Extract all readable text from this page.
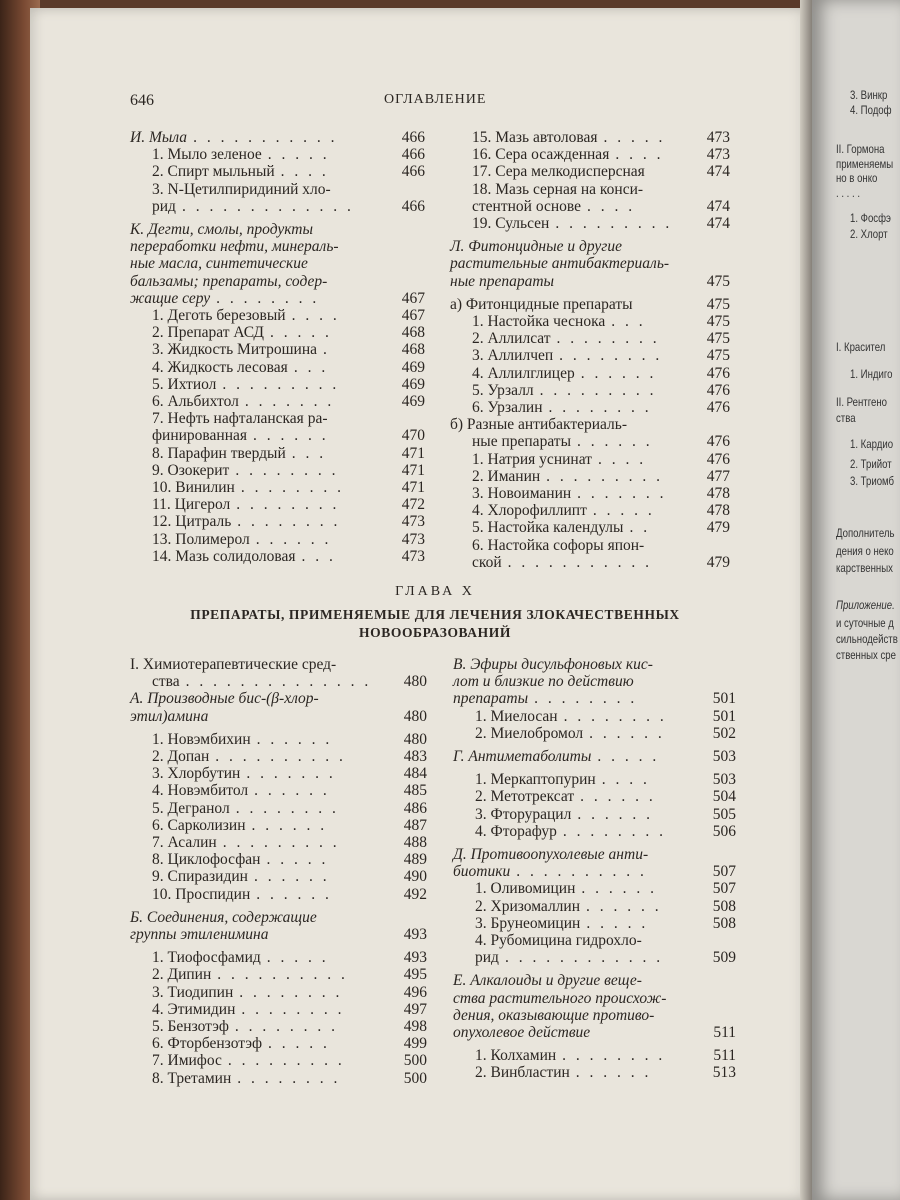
3. Винкр
4. Подоф
II. Гормона
применяемы
но в онко
. . . . .
1. Фосфэ
2. Хлорт
I. Красител
1. Индиго
II. Рентгено
ства
1. Кардио
2. Трийот
3. Триомб
Дополнитель
дения о неко
карственных
Приложение.
и суточные д
сильнодейств
ственных сре
646	ОГЛАВЛЕНИЕ
И. Мыла . . . . . . . . . . .	466
1. Мыло зеленое . . . . .	466
2. Спирт мыльный . . . .	466
3. N-Цетилпиридиний хло-
рид . . . . . . . . . . . . .	466
К. Дегти, смолы, продукты
переработки нефти, минераль-
ные масла, синтетические
бальзамы; препараты, содер-
жащие серу . . . . . . . .	467
1. Деготь березовый . . . .	467
2. Препарат АСД . . . . .	468
3. Жидкость Митрошина .	468
4. Жидкость лесовая . . .	469
5. Ихтиол . . . . . . . . .	469
6. Альбихтол . . . . . . .	469
7. Нефть нафталанская ра-
финированная . . . . . .	470
8. Парафин твердый . . .	471
9. Озокерит . . . . . . . .	471
10. Винилин . . . . . . . .	471
11. Цигерол . . . . . . . .	472
12. Цитраль . . . . . . . .	473
13. Полимерол . . . . . .	473
14. Мазь солидоловая . . .	473
15. Мазь автоловая . . . . .	473
16. Сера осажденная . . . .	473
17. Сера мелкодисперсная	474
18. Мазь серная на конси-
стентной основе . . . .	474
19. Сульсен . . . . . . . . . 474
Л. Фитонцидные и другие
растительные антибактериаль-
ные препараты	475
а) Фитонцидные препараты	475
1. Настойка чеснока . . .	475
2. Аллилсат . . . . . . . .	475
3. Аллилчеп . . . . . . . .	475
4. Аллилглицер . . . . . .	476
5. Урзалл . . . . . . . . .	476
6. Урзалин . . . . . . . .	476
б) Разные антибактериаль-
ные препараты . . . . . .	476
1. Натрия уснинат . . . .	476
2. Иманин . . . . . . . . .	477
3. Новоиманин . . . . . . .	478
4. Хлорофиллипт . . . . .	478
5. Настойка календулы . .	479
6. Настойка софоры япон-
ской . . . . . . . . . . .	479
ГЛАВА X
ПРЕПАРАТЫ, ПРИМЕНЯЕМЫЕ ДЛЯ ЛЕЧЕНИЯ ЗЛОКАЧЕСТВЕННЫХ
НОВООБРАЗОВАНИЙ
I. Химиотерапевтические сред-
ства . . . . . . . . . . . . . . 480
А. Производные бис-(β-хлор-
этил)амина	480
1. Новэмбихин . . . . . .	480
2. Допан . . . . . . . . . .	483
3. Хлорбутин . . . . . . .	484
4. Новэмбитол . . . . . .	485
5. Дегранол . . . . . . . .	486
6. Сарколизин . . . . . .	487
7. Асалин . . . . . . . . .	488
8. Циклофосфан . . . . .	489
9. Спиразидин . . . . . .	490
10. Проспидин . . . . . .	492
Б. Соединения, содержащие
группы этиленимина	493
1. Тиофосфамид . . . . .	493
2. Дипин . . . . . . . . . .	495
3. Тиодипин . . . . . . . .	496
4. Этимидин . . . . . . . .	497
5. Бензотэф . . . . . . . .	498
6. Фторбензотэф . . . . .	499
7. Имифос . . . . . . . . .	500
8. Третамин . . . . . . . .	500
В. Эфиры дисульфоновых кис-
лот и близкие по действию
препараты . . . . . . . .	501
1. Миелосан . . . . . . . .	501
2. Миелобромол . . . . . .	502
Г. Антиметаболиты . . . . .	503
1. Меркаптопурин . . . .	503
2. Метотрексат . . . . . .	504
3. Фторурацил . . . . . .	505
4. Фторафур . . . . . . . .	506
Д. Противоопухолевые анти-
биотики . . . . . . . . . .	507
1. Оливомицин . . . . . .	507
2. Хризомаллин . . . . . .	508
3. Брунеомицин . . . . .	508
4. Рубомицина гидрохло-
рид . . . . . . . . . . . .	509
Е. Алкалоиды и другие веще-
ства растительного происхож-
дения, оказывающие противо-
опухолевое действие	511
1. Колхамин . . . . . . . .	511
2. Винбластин . . . . . .	513
